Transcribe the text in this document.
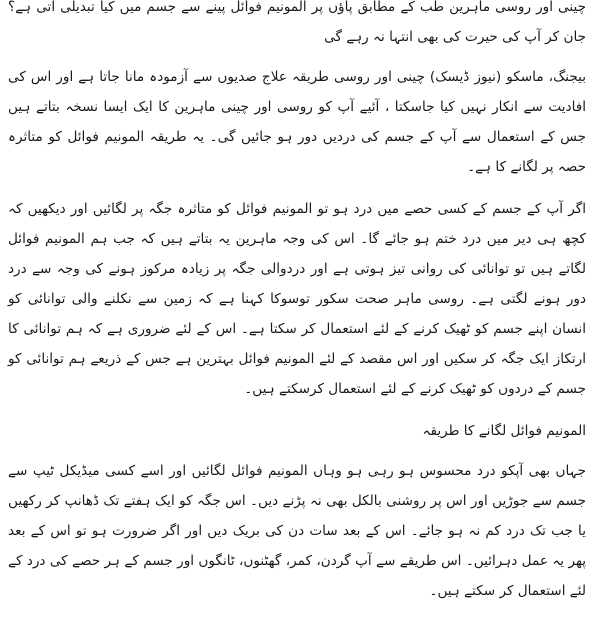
چینی اور روسی ماہرین طب کے مطابق پاؤں پر المونیم فوائل پینے سے جسم میں کیا تبدیلی آتی ہے؟ جان کر آپ کی حیرت کی بھی انتہا نہ رہے گی

بیجنگ، ماسکو (نیوز ڈیسک) چینی اور روسی طریقہ علاج صدیوں سے آزمودہ مانا جاتا ہے اور اس کی افادیت سے انکار نہیں کیا جاسکتا ، آئیے آپ کو روسی اور چینی ماہرین کا ایک ایسا نسخہ بتاتے ہیں جس کے استعمال سے آپ کے جسم کی دردیں دور ہو جائیں گی۔ یہ طریقہ المونیم فوائل کو متاثرہ حصہ پر لگانے کا ہے۔

اگر آپ کے جسم کے کسی حصے میں درد ہو تو المونیم فوائل کو متاثرہ جگہ پر لگائیں اور دیکھیں کہ کچھ ہی دیر میں درد ختم ہو جائے گا۔ اس کی وجہ ماہرین یہ بتاتے ہیں کہ جب ہم المونیم فوائل لگاتے ہیں تو توانائی کی روانی تیز ہوتی ہے اور دردوالی جگہ پر زیادہ مرکوز ہونے کی وجہ سے درد دور ہونے لگتی ہے۔ روسی ماہر صحت سکور توسوکا کہنا ہے کہ زمین سے نکلنے والی توانائی کو انسان اپنے جسم کو ٹھیک کرنے کے لئے استعمال کر سکتا ہے۔ اس کے لئے ضروری ہے کہ ہم توانائی کا ارتکاز ایک جگہ کر سکیں اور اس مقصد کے لئے المونیم فوائل بہترین ہے جس کے ذریعے ہم توانائی کو جسم کے دردوں کو ٹھیک کرنے کے لئے استعمال کرسکتے ہیں۔

المونیم فوائل لگانے کا طریقہ

جہاں بھی آپکو درد محسوس ہو رہی ہو وہاں المونیم فوائل لگائیں اور اسے کسی میڈیکل ٹیپ سے جسم سے جوڑیں اور اس پر روشنی بالکل بھی نہ پڑنے دیں۔ اس جگہ کو ایک ہفتے تک ڈھانپ کر رکھیں یا جب تک درد کم نہ ہو جائے۔ اس کے بعد سات دن کی بریک دیں اور اگر ضرورت ہو تو اس کے بعد پھر یہ عمل دہرائیں۔ اس طریقے سے آپ گردن، کمر، گھٹنوں، ٹانگوں اور جسم کے ہر حصے کی درد کے لئے استعمال کر سکتے ہیں۔
